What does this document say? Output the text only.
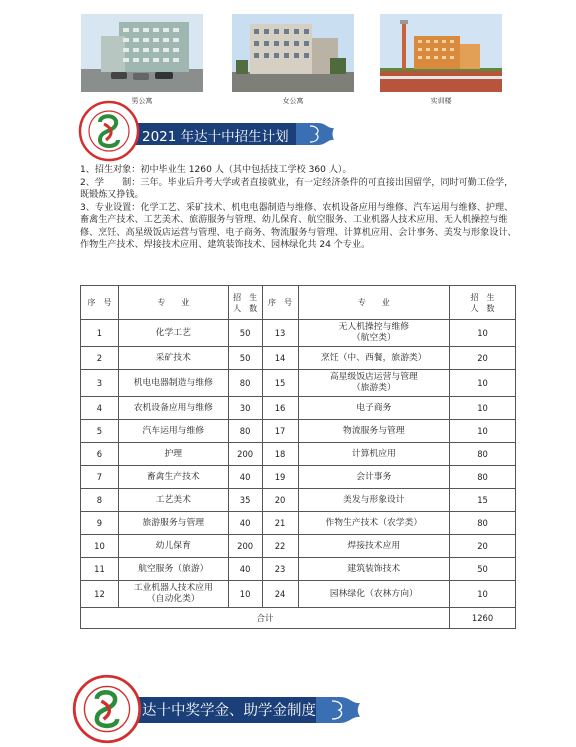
男公寓	女公寓	实训楼
2021 年达十中招生计划

1、招生对象：初中毕业生 1260 人（其中包括技工学校 360 人）。

2、学　　制：三年。毕业后升考大学或者直接就业，有一定经济条件的可直接出国留学，同时可勤工俭学，既锻炼又挣钱。

3、专业设置：化学工艺、采矿技术、机电电器制造与维修、农机设备应用与维修、汽车运用与维修、护理、畜禽生产技术、工艺美术、旅游服务与管理、幼儿保育、航空服务、工业机器人技术应用、无人机操控与维修、烹饪、高星级饭店运营与管理、电子商务、物流服务与管理、计算机应用、会计事务、美发与形象设计、作物生产技术、焊接技术应用、建筑装饰技术、园林绿化共 24 个专业。

序　号	专　　业	招　生
人　数	序　号	专　　业	招　生
人　数
1	化学工艺	50	13	无人机操控与维修
（航空类）	10
2	采矿技术	50	14	烹饪（中、西餐，旅游类）	20
3	机电电器制造与维修	80	15	高星级饭店运营与管理
（旅游类）	10
4	农机设备应用与维修	30	16	电子商务	10
5	汽车运用与维修	80	17	物流服务与管理	10
6	护理	200	18	计算机应用	80
7	畜禽生产技术	40	19	会计事务	80
8	工艺美术	35	20	美发与形象设计	15
9	旅游服务与管理	40	21	作物生产技术（农学类）	80
10	幼儿保育	200	22	焊接技术应用	20
11	航空服务（旅游）	40	23	建筑装饰技术	50
12	工业机器人技术应用
（自动化类）	10	24	园林绿化（农林方向）	10
合计					1260
达十中奖学金、助学金制度
